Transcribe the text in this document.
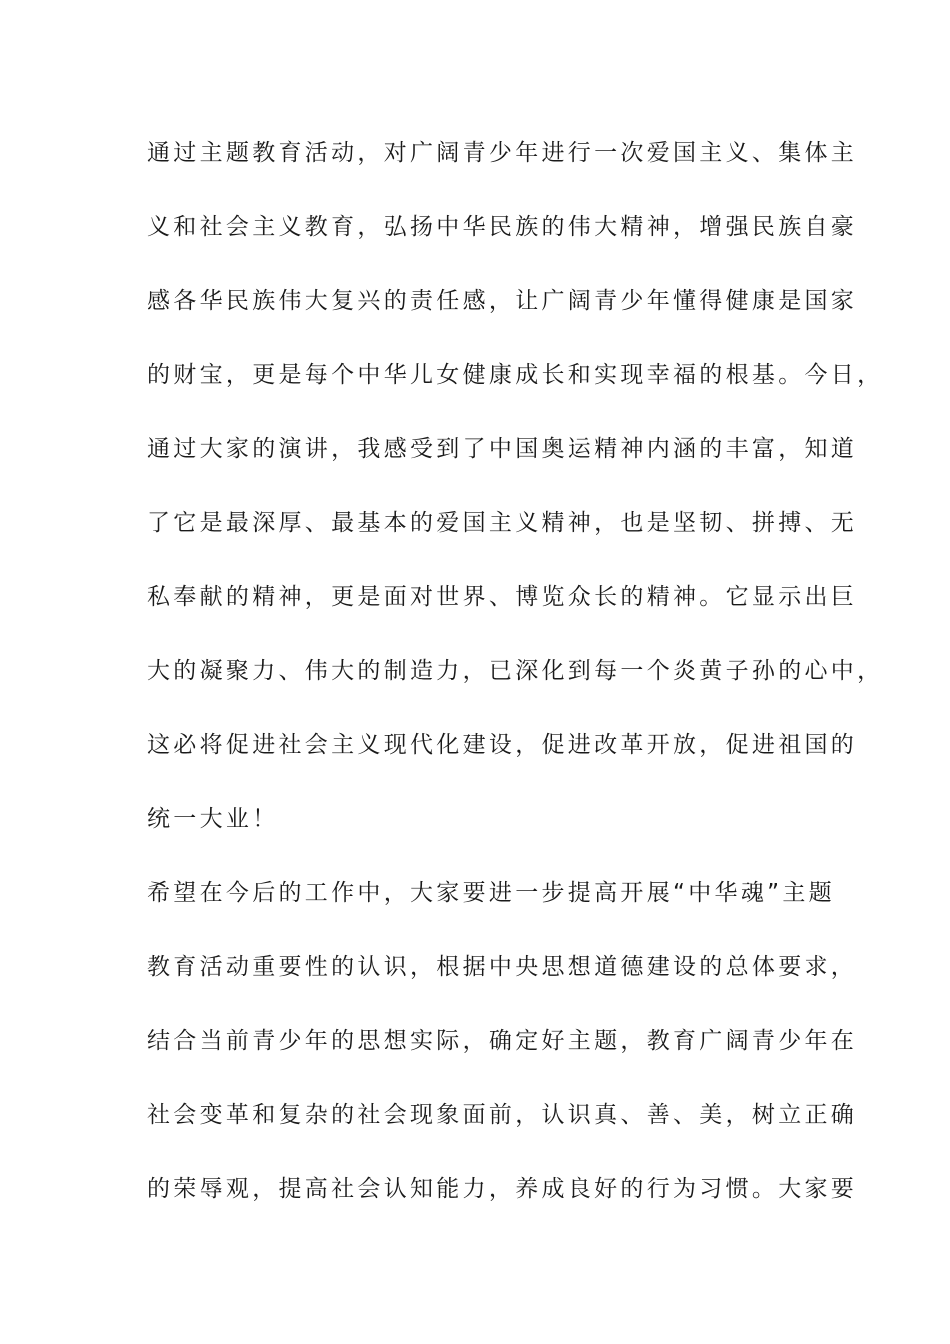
通过主题教育活动，对广阔青少年进行一次爱国主义、集体主
义和社会主义教育，弘扬中华民族的伟大精神，增强民族自豪
感各华民族伟大复兴的责任感，让广阔青少年懂得健康是国家
的财宝，更是每个中华儿女健康成长和实现幸福的根基。今日，
通过大家的演讲，我感受到了中国奥运精神内涵的丰富，知道
了它是最深厚、最基本的爱国主义精神，也是坚韧、拼搏、无
私奉献的精神，更是面对世界、博览众长的精神。它显示出巨
大的凝聚力、伟大的制造力，已深化到每一个炎黄子孙的心中，
这必将促进社会主义现代化建设，促进改革开放，促进祖国的
统一大业！
希望在今后的工作中，大家要进一步提高开展“中华魂”主题
教育活动重要性的认识，根据中央思想道德建设的总体要求，
结合当前青少年的思想实际，确定好主题，教育广阔青少年在
社会变革和复杂的社会现象面前，认识真、善、美，树立正确
的荣辱观，提高社会认知能力，养成良好的行为习惯。大家要
